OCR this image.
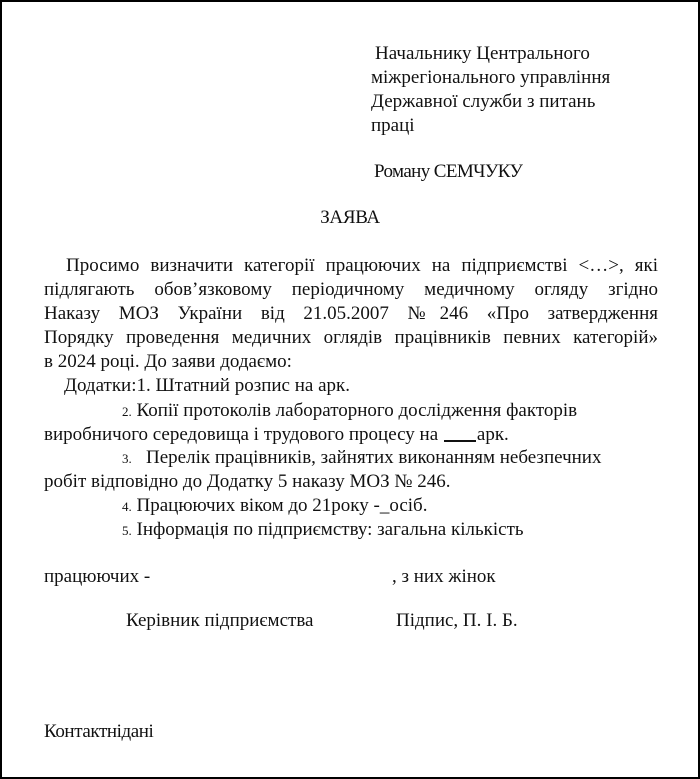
Начальнику Центрального
міжрегіонального управління
Державної служби з питань
праці
Роману СЕМЧУКУ
ЗАЯВА
Просимо визначити категорії працюючих на підприємстві <…>, які
підлягають обов’язковому періодичному медичному огляду згідно
Наказу МОЗ України від 21.05.2007 №246 «Про затвердження
Порядку проведення медичних оглядів працівників певних категорій»
в 2024 році. До заяви додаємо:
Додатки:1. Штатний розпис на арк.
2. Копії протоколів лабораторного дослідження факторів
виробничого середовища і трудового процесу на арк.
3. Перелік працівників, зайнятих виконанням небезпечних
робіт відповідно до Додатку 5 наказу МОЗ № 246.
4. Працюючих віком до 21року -_осіб.
5. Інформація по підприємству: загальна кількість
працюючих -	, з них жінок
Керівник підприємства	Підпис, П. І. Б.
Контактнідані
